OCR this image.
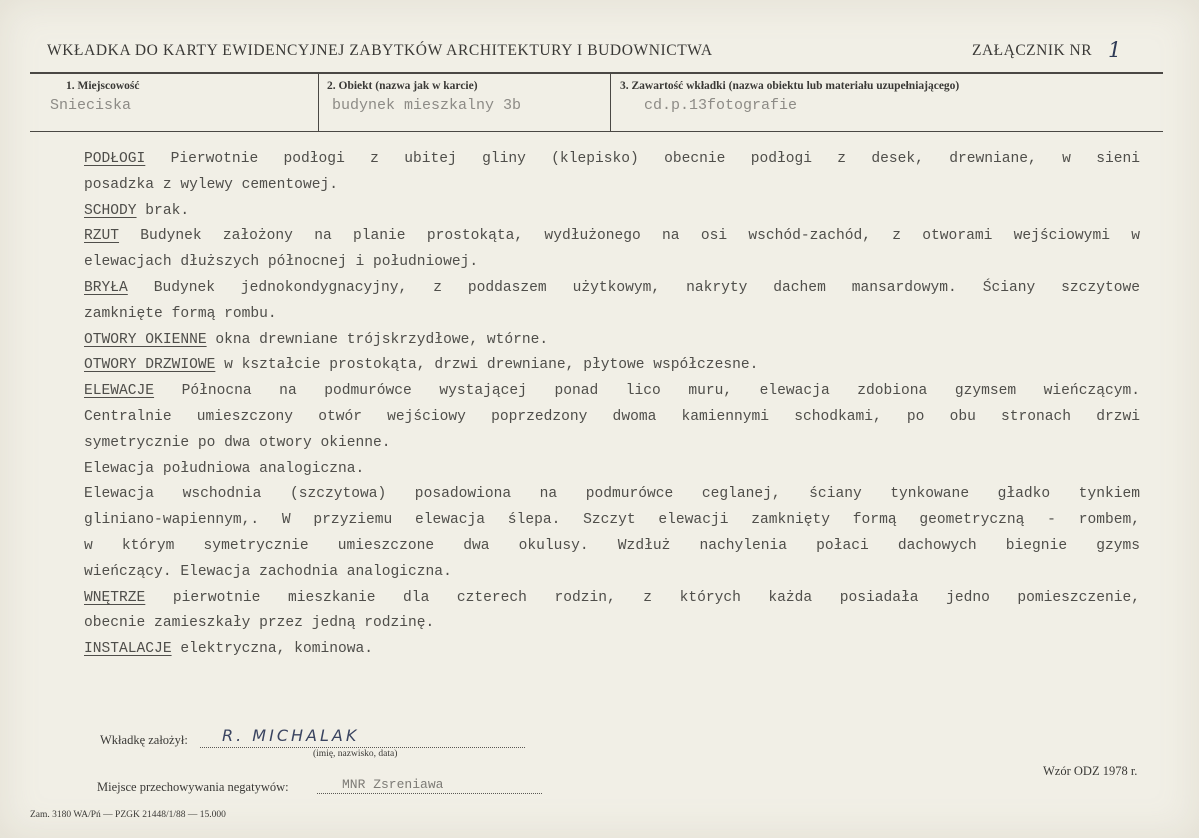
WKŁADKA DO KARTY EWIDENCYJNEJ ZABYTKÓW ARCHITEKTURY I BUDOWNICTWA	ZAŁĄCZNIK NR 1
1. Miejscowość
Snieciska
2. Obiekt (nazwa jak w karcie)
budynek mieszkalny 3b
3. Zawartość wkładki (nazwa obiektu lub materiału uzupełniającego)
cd.p.13fotografie
PODŁOGI Pierwotnie podłogi z ubitej gliny (klepisko) obecnie podłogi z desek, drewniane, w sieni
posadzka z wylewy cementowej.
SCHODY brak.
RZUT Budynek założony na planie prostokąta, wydłużonego na osi wschód-zachód, z otworami wejściowymi w
elewacjach dłuższych północnej i południowej.
BRYŁA Budynek jednokondygnacyjny, z poddaszem użytkowym, nakryty dachem mansardowym. Ściany szczytowe
zamknięte formą rombu.
OTWORY OKIENNE okna drewniane trójskrzydłowe, wtórne.
OTWORY DRZWIOWE w kształcie prostokąta, drzwi drewniane, płytowe współczesne.
ELEWACJE Północna na podmurówce wystającej ponad lico muru, elewacja zdobiona gzymsem wieńczącym.
Centralnie umieszczony otwór wejściowy poprzedzony dwoma kamiennymi schodkami, po obu stronach drzwi
symetrycznie po dwa otwory okienne.
Elewacja południowa analogiczna.
Elewacja wschodnia (szczytowa) posadowiona na podmurówce ceglanej, ściany tynkowane gładko tynkiem
gliniano-wapiennym,. W przyziemu elewacja ślepa. Szczyt elewacji zamknięty formą geometryczną - rombem,
w którym symetrycznie umieszczone dwa okulusy. Wzdłuż nachylenia połaci dachowych biegnie gzyms
wieńczący. Elewacja zachodnia analogiczna.
WNĘTRZE pierwotnie mieszkanie dla czterech rodzin, z których każda posiadała jedno pomieszczenie,
obecnie zamieszkały przez jedną rodzinę.
INSTALACJE elektryczna, kominowa.
Wkładkę założył: R. MICHALAK
(imię, nazwisko, data)
Wzór ODZ 1978 r.
Miejsce przechowywania negatywów:	MNR Zsreniawa
Zam. 3180 WA/Pń — PZGK 21448/1/88 — 15.000
